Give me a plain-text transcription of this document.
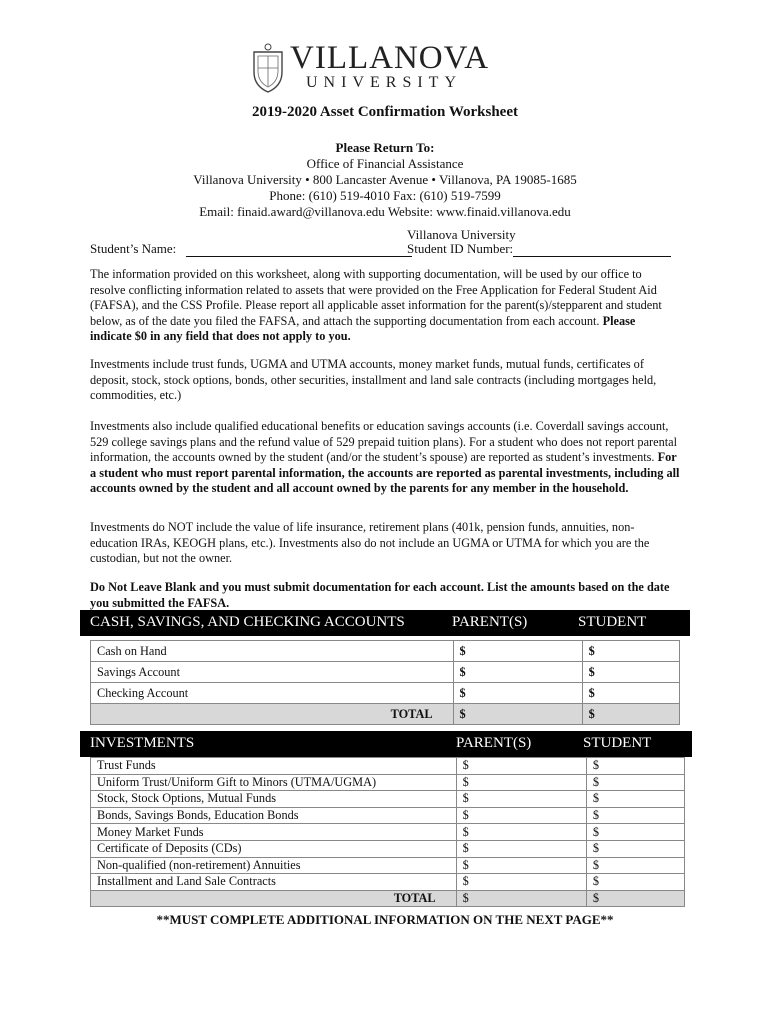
VILLANOVA
UNIVERSITY
2019-2020 Asset Confirmation Worksheet
Please Return To:
Office of Financial Assistance
Villanova University • 800 Lancaster Avenue • Villanova, PA 19085-1685
Phone: (610) 519-4010 Fax: (610) 519-7599
Email: finaid.award@villanova.edu Website: www.finaid.villanova.edu
Villanova University
Student’s Name:	Student ID Number:
The information provided on this worksheet, along with supporting documentation, will be used by our office to resolve conflicting information related to assets that were provided on the Free Application for Federal Student Aid (FAFSA), and the CSS Profile. Please report all applicable asset information for the parent(s)/stepparent and student below, as of the date you filed the FAFSA, and attach the supporting documentation from each account. Please indicate $0 in any field that does not apply to you.
Investments include trust funds, UGMA and UTMA accounts, money market funds, mutual funds, certificates of deposit, stock, stock options, bonds, other securities, installment and land sale contracts (including mortgages held, commodities, etc.)
Investments also include qualified educational benefits or education savings accounts (i.e. Coverdall savings account, 529 college savings plans and the refund value of 529 prepaid tuition plans). For a student who does not report parental information, the accounts owned by the student (and/or the student’s spouse) are reported as student’s investments. For a student who must report parental information, the accounts are reported as parental investments, including all accounts owned by the student and all account owned by the parents for any member in the household.
Investments do NOT include the value of life insurance, retirement plans (401k, pension funds, annuities, non-education IRAs, KEOGH plans, etc.). Investments also do not include an UGMA or UTMA for which you are the custodian, but not the owner.
Do Not Leave Blank and you must submit documentation for each account. List the amounts based on the date you submitted the FAFSA.
CASH, SAVINGS, AND CHECKING ACCOUNTS	PARENT(S)	STUDENT
Cash on Hand	$	$
Savings Account	$	$
Checking Account	$	$
TOTAL	$	$
INVESTMENTS	PARENT(S)	STUDENT
Trust Funds	$	$
Uniform Trust/Uniform Gift to Minors (UTMA/UGMA)	$	$
Stock, Stock Options, Mutual Funds	$	$
Bonds, Savings Bonds, Education Bonds	$	$
Money Market Funds	$	$
Certificate of Deposits (CDs)	$	$
Non-qualified (non-retirement) Annuities	$	$
Installment and Land Sale Contracts	$	$
TOTAL	$	$
**MUST COMPLETE ADDITIONAL INFORMATION ON THE NEXT PAGE**
